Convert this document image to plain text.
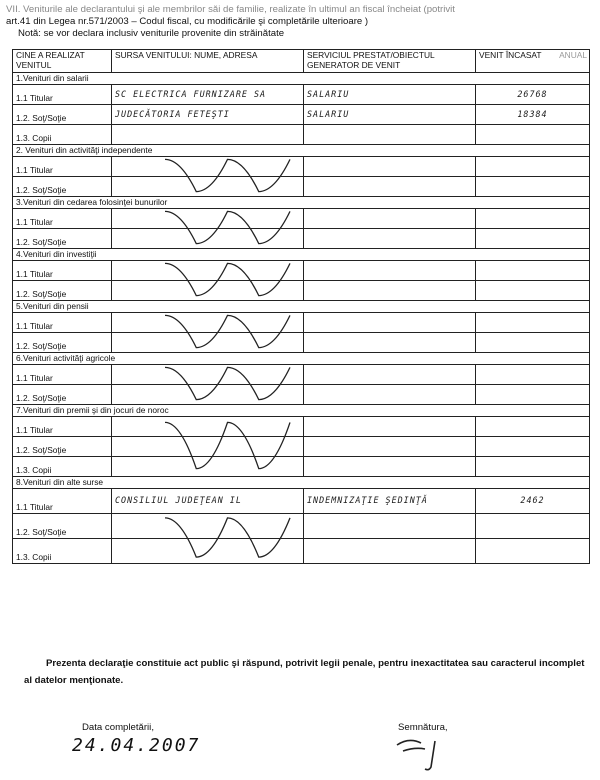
VII. Veniturile ale declarantului şi ale membrilor săi de familie, realizate în ultimul an fiscal încheiat (potrivit
art.41 din Legea nr.571/2003 – Codul fiscal, cu modificările şi completările ulterioare )
Notă: se vor declara inclusiv veniturile provenite din străinătate
CINE A REALIZAT VENITUL	SURSA VENITULUI: NUME, ADRESA	SERVICIUL PRESTAT/OBIECTUL GENERATOR DE VENIT	VENIT ÎNCASAT ANUAL

1.Venituri din salarii			
1.1 Titular	SC ELECTRICA FURNIZARE SA	SALARIU	26768
1.2. Soţ/Soţie	JUDECĂTORIA FETEŞTI	SALARIU	18384
1.3. Copii			
2. Venituri din activităţi independente			
1.1 Titular			
1.2. Soţ/Soţie			
3.Venituri din cedarea folosinţei bunurilor			
1.1 Titular			
1.2. Soţ/Soţie			
4.Venituri din investiţii			
1.1 Titular			
1.2. Soţ/Soţie			
5.Venituri din pensii			
1.1 Titular			
1.2. Soţ/Soţie			
6.Venituri activităţi agricole			
1.1 Titular			
1.2. Soţ/Soţie			
7.Venituri din premii şi din jocuri de noroc			
1.1 Titular			
1.2. Soţ/Soţie			
1.3. Copii			
8.Venituri din alte surse			
1.1 Titular	CONSILIUL JUDEŢEAN IL	INDEMNIZAŢIE ŞEDINŢĂ	2462
1.2. Soţ/Soţie			
1.3. Copii			
Prezenta declaraţie constituie act public şi răspund, potrivit legii penale, pentru inexactitatea sau caracterul incomplet al datelor menţionate.
Data completării,
24.04.2007
Semnătura,
